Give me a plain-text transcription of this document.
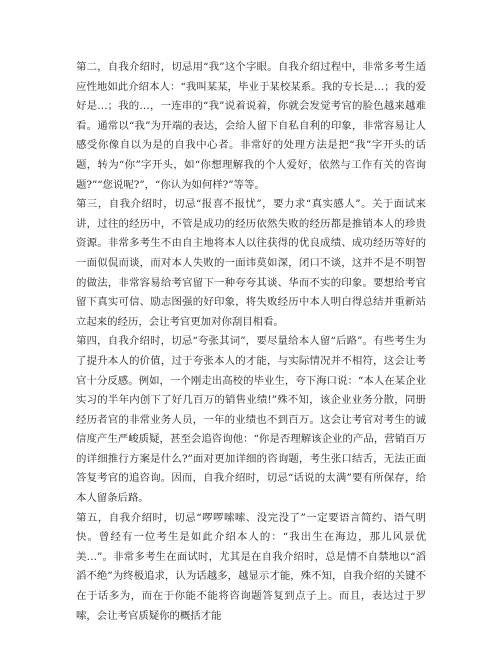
第二，自我介绍时，切忌用“我”这个字眼。自我介绍过程中，非常多考生适应性地如此介绍本人：“我叫某某，毕业于某校某系。我的专长是…；我的爱好是…；我的…，一连串的“我”说着说着，你就会发觉考官的脸色越来越难看。通常以“我”为开端的表达，会给人留下自私自利的印象，非常容易让人感受你像自以为是的自我中心者。非常好的处理方法是把“我”字开头的话题，转为“你”字开头，如“你想理解我的个人爱好，依然与工作有关的咨询题?”“您说呢?”，“你认为如何样?”等等。

第三，自我介绍时，切忌“报喜不报忧”，要力求“真实感人”。关于面试来讲，过往的经历中，不管是成功的经历依然失败的经历都是推销本人的珍贵资源。非常多考生不由自主地将本人以往获得的优良成绩、成功经历等好的一面似侃而谈，而对本人失败的一面讳莫如深，闭口不谈，这并不是不明智的做法，非常容易给考官留下一种夸夸其谈、华而不实的印象。要想给考官留下真实可信、励志图强的好印象，将失败经历中本人明白得总结并重新站立起来的经历，会让考官更加对你刮目相看。

第四，自我介绍时，切忌“夸张其词”，要尽量给本人留“后路”。有些考生为了提升本人的价值，过于夸张本人的才能，与实际情况并不相符，这会让考官十分反感。例如，一个刚走出高校的毕业生，夸下海口说：“本人在某企业实习的半年内创下了好几百万的销售业绩!”殊不知，该企业业务分散，同册经历者官的非常业务人员，一年的业绩也不到百万。这会让考官对考生的诚信度产生严峻质疑，甚至会追咨询他：“你是否理解该企业的产品，营销百万的详细推行方案是什么?”面对更加详细的咨询题，考生张口结舌，无法正面答复考官的追咨询。因而，自我介绍时，切忌“话说的太满”要有所保存，给本人留条后路。

第五，自我介绍时，切忌“啰啰嗦嗦、没完没了”一定要语言简约、语气明快。曾经有一位考生是如此介绍本人的：“我出生在海边，那儿风景优美…”。非常多考生在面试时，尤其是在自我介绍时，总是情不自禁地以“滔滔不绝”为终极追求，认为话越多，越显示才能，殊不知，自我介绍的关键不在于话多为，而在于你能不能将咨询题答复到点子上。而且，表达过于罗嗦，会让考官质疑你的概括才能
